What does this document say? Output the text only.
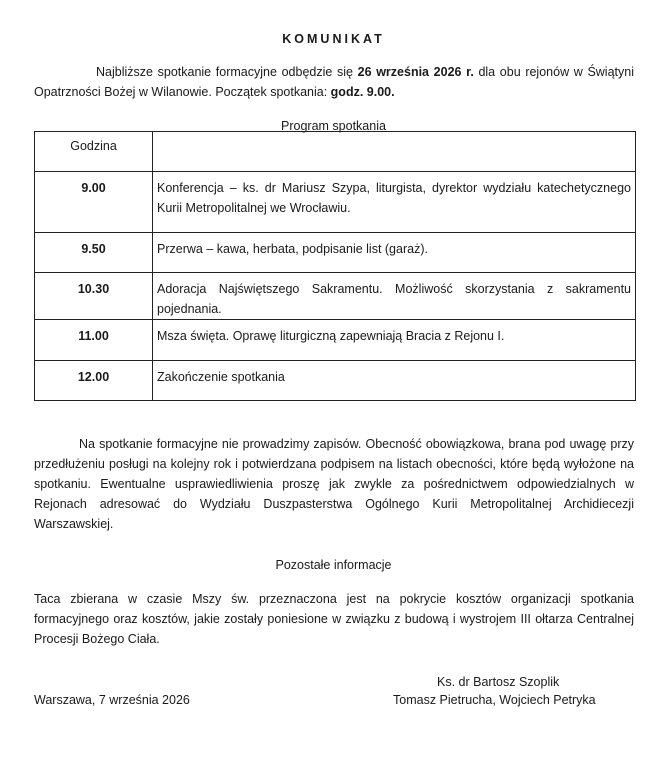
KOMUNIKAT
Najbliższe spotkanie formacyjne odbędzie się 26 września 2026 r. dla obu rejonów w Świątyni Opatrzności Bożej w Wilanowie. Początek spotkania: godz. 9.00.
Program spotkania
Godzina	
9.00	Konferencja – ks. dr Mariusz Szypa, liturgista, dyrektor wydziału katechetycznego Kurii Metropolitalnej we Wrocławiu.
9.50	Przerwa – kawa, herbata, podpisanie list (garaż).
10.30	Adoracja Najświętszego Sakramentu. Możliwość skorzystania z sakramentu pojednania.
11.00	Msza święta. Oprawę liturgiczną zapewniają Bracia z Rejonu I.
12.00	Zakończenie spotkania
Na spotkanie formacyjne nie prowadzimy zapisów. Obecność obowiązkowa, brana pod uwagę przy przedłużeniu posługi na kolejny rok i potwierdzana podpisem na listach obecności, które będą wyłożone na spotkaniu. Ewentualne usprawiedliwienia proszę jak zwykle za pośrednictwem odpowiedzialnych w Rejonach adresować do Wydziału Duszpasterstwa Ogólnego Kurii Metropolitalnej Archidiecezji Warszawskiej.
Pozostałe informacje
Taca zbierana w czasie Mszy św. przeznaczona jest na pokrycie kosztów organizacji spotkania formacyjnego oraz kosztów, jakie zostały poniesione w związku z budową i wystrojem III ołtarza Centralnej Procesji Bożego Ciała.
Ks. dr Bartosz Szoplik
Tomasz Pietrucha, Wojciech Petryka
Warszawa, 7 września 2026
